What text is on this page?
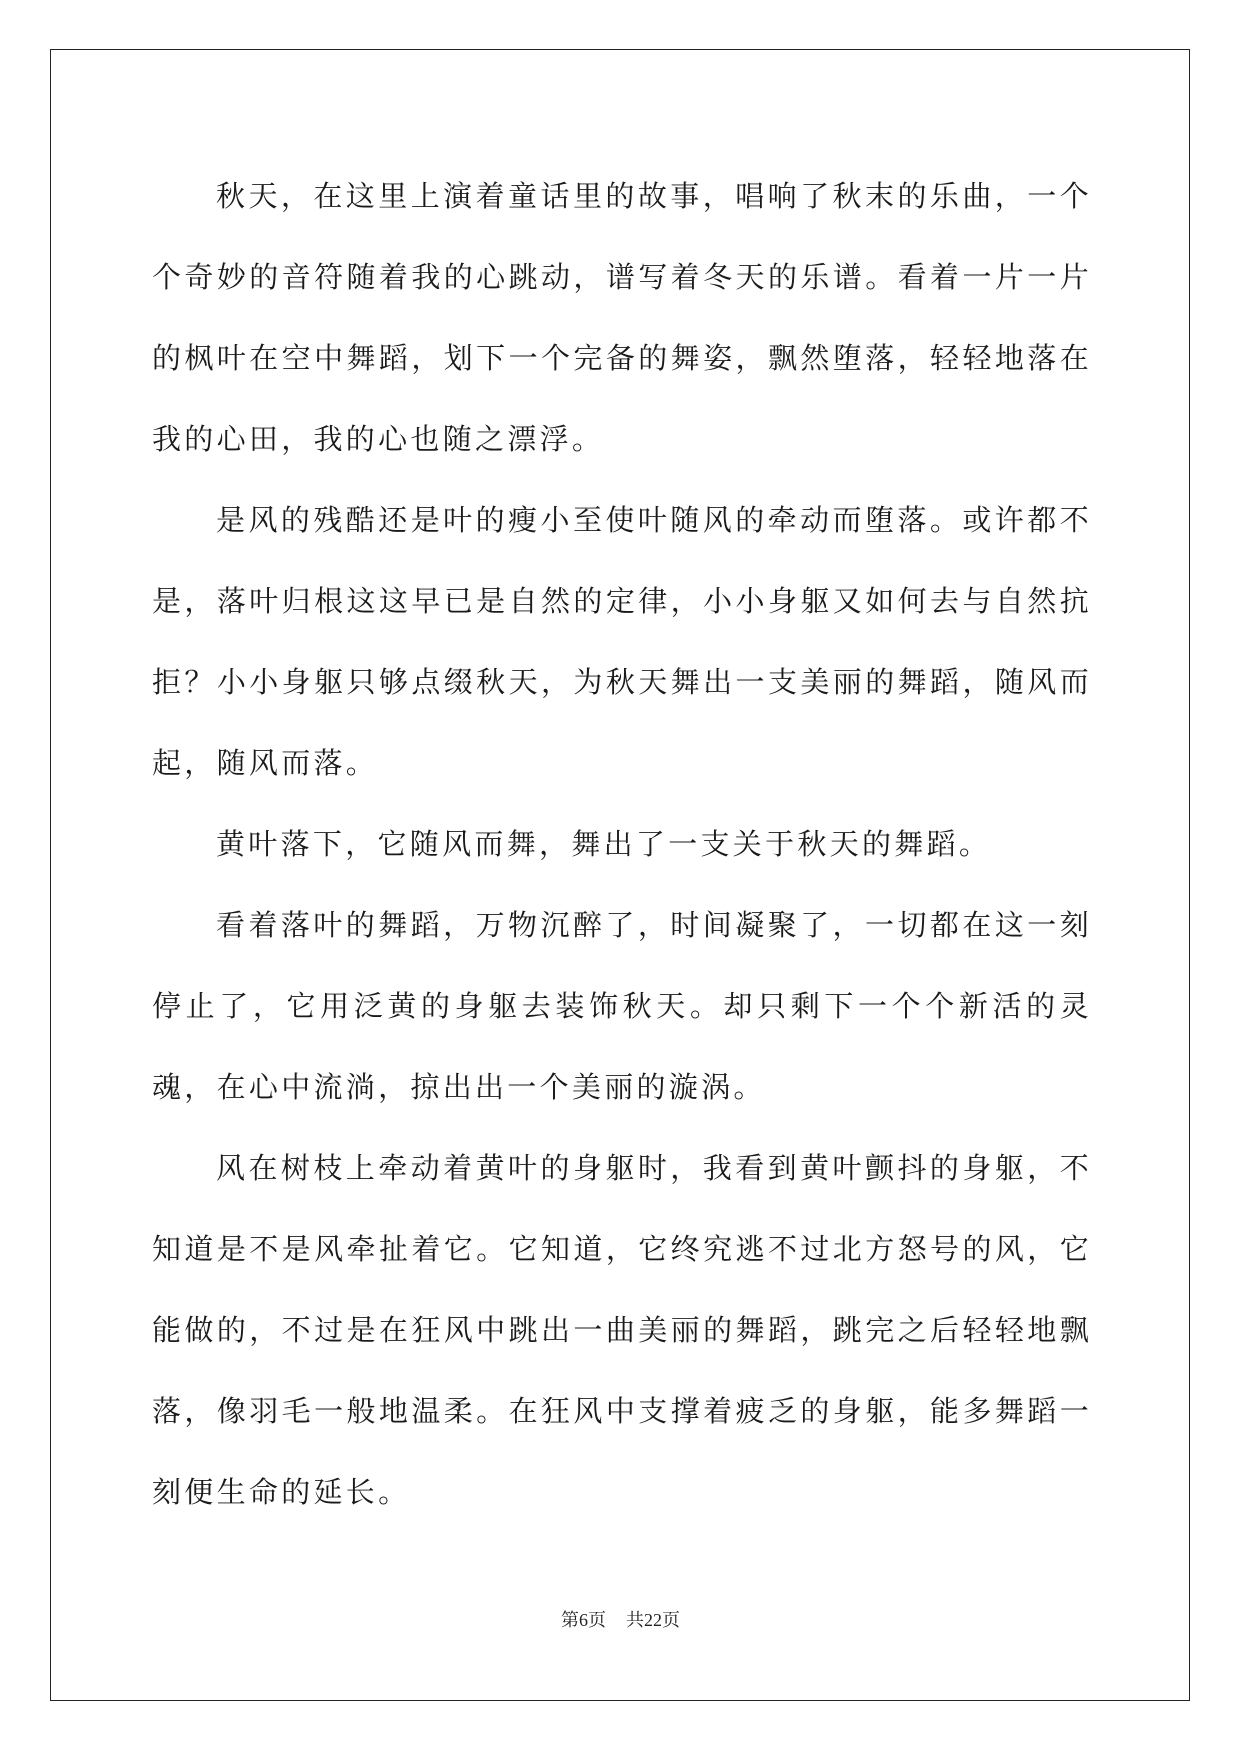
秋天，在这里上演着童话里的故事，唱响了秋末的乐曲，一个个奇妙的音符随着我的心跳动，谱写着冬天的乐谱。看着一片一片的枫叶在空中舞蹈，划下一个完备的舞姿，飘然堕落，轻轻地落在我的心田，我的心也随之漂浮。

是风的残酷还是叶的瘦小至使叶随风的牵动而堕落。或许都不是，落叶归根这这早已是自然的定律，小小身躯又如何去与自然抗拒？小小身躯只够点缀秋天，为秋天舞出一支美丽的舞蹈，随风而起，随风而落。

黄叶落下，它随风而舞，舞出了一支关于秋天的舞蹈。

看着落叶的舞蹈，万物沉醉了，时间凝聚了，一切都在这一刻停止了，它用泛黄的身躯去装饰秋天。却只剩下一个个新活的灵魂，在心中流淌，掠出出一个美丽的漩涡。

风在树枝上牵动着黄叶的身躯时，我看到黄叶颤抖的身躯，不知道是不是风牵扯着它。它知道，它终究逃不过北方怒号的风，它能做的，不过是在狂风中跳出一曲美丽的舞蹈，跳完之后轻轻地飘落，像羽毛一般地温柔。在狂风中支撑着疲乏的身躯，能多舞蹈一刻便生命的延长。

第6页 共22页
